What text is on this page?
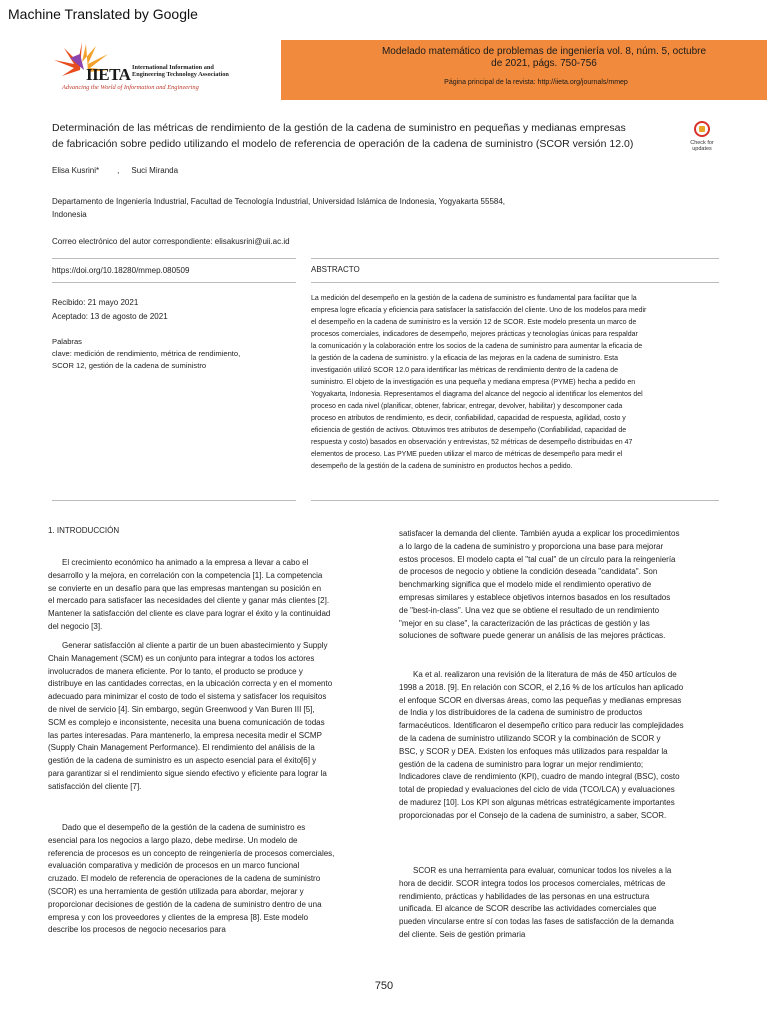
Machine Translated by Google
IIETA International Information and
Engineering Technology Association
Advancing the World of Information and Engineering
Modelado matemático de problemas de ingeniería vol. 8, núm. 5, octubre
de 2021, págs. 750-756
Página principal de la revista: http://iieta.org/journals/mmep
Determinación de las métricas de rendimiento de la gestión de la cadena de suministro en pequeñas y medianas empresas
de fabricación sobre pedido utilizando el modelo de referencia de operación de la cadena de suministro (SCOR versión 12.0)	Check for
updates
Elisa Kusrini* , Suci Miranda
Departamento de Ingeniería Industrial, Facultad de Tecnología Industrial, Universidad Islámica de Indonesia, Yogyakarta 55584,
Indonesia
Correo electrónico del autor correspondiente: elisakusrini@uii.ac.id
https://doi.org/10.18280/mmep.080509	ABSTRACTO
Recibido: 21 mayo 2021
Aceptado: 13 de agosto de 2021
Palabras
clave: medición de rendimiento, métrica de rendimiento,
SCOR 12, gestión de la cadena de suministro
La medición del desempeño en la gestión de la cadena de suministro es fundamental para facilitar que la
empresa logre eficacia y eficiencia para satisfacer la satisfacción del cliente. Uno de los modelos para medir
el desempeño en la cadena de suministro es la versión 12 de SCOR. Este modelo presenta un marco de
procesos comerciales, indicadores de desempeño, mejores prácticas y tecnologías únicas para respaldar
la comunicación y la colaboración entre los socios de la cadena de suministro para aumentar la eficacia de
la gestión de la cadena de suministro. y la eficacia de las mejoras en la cadena de suministro. Esta
investigación utilizó SCOR 12.0 para identificar las métricas de rendimiento dentro de la cadena de
suministro. El objeto de la investigación es una pequeña y mediana empresa (PYME) hecha a pedido en
Yogyakarta, Indonesia. Representamos el diagrama del alcance del negocio al identificar los elementos del
proceso en cada nivel (planificar, obtener, fabricar, entregar, devolver, habilitar) y descomponer cada
proceso en atributos de rendimiento, es decir, confiabilidad, capacidad de respuesta, agilidad, costo y
eficiencia de gestión de activos. Obtuvimos tres atributos de desempeño (Confiabilidad, capacidad de
respuesta y costo) basados en observación y entrevistas, 52 métricas de desempeño distribuidas en 47
elementos de proceso. Las PYME pueden utilizar el marco de métricas de desempeño para medir el
desempeño de la gestión de la cadena de suministro en productos hechos a pedido.
1. INTRODUCCIÓN
El crecimiento económico ha animado a la empresa a llevar a cabo el
desarrollo y la mejora, en correlación con la competencia [1]. La competencia
se convierte en un desafío para que las empresas mantengan su posición en
el mercado para satisfacer las necesidades del cliente y ganar más clientes [2].
Mantener la satisfacción del cliente es clave para lograr el éxito y la continuidad
del negocio [3].
Generar satisfacción al cliente a partir de un buen abastecimiento y Supply
Chain Management (SCM) es un conjunto para integrar a todos los actores
involucrados de manera eficiente. Por lo tanto, el producto se produce y
distribuye en las cantidades correctas, en la ubicación correcta y en el momento
adecuado para minimizar el costo de todo el sistema y satisfacer los requisitos
de nivel de servicio [4]. Sin embargo, según Greenwood y Van Buren III [5],
SCM es complejo e inconsistente, necesita una buena comunicación de todas
las partes interesadas. Para mantenerlo, la empresa necesita medir el SCMP
(Supply Chain Management Performance). El rendimiento del análisis de la
gestión de la cadena de suministro es un aspecto esencial para el éxito[6] y
para garantizar si el rendimiento sigue siendo efectivo y eficiente para lograr la
satisfacción del cliente [7].
Dado que el desempeño de la gestión de la cadena de suministro es
esencial para los negocios a largo plazo, debe medirse. Un modelo de
referencia de procesos es un concepto de reingeniería de procesos comerciales,
evaluación comparativa y medición de procesos en un marco funcional
cruzado. El modelo de referencia de operaciones de la cadena de suministro
(SCOR) es una herramienta de gestión utilizada para abordar, mejorar y
proporcionar decisiones de gestión de la cadena de suministro dentro de una
empresa y con los proveedores y clientes de la empresa [8]. Este modelo
describe los procesos de negocio necesarios para
satisfacer la demanda del cliente. También ayuda a explicar los procedimientos
a lo largo de la cadena de suministro y proporciona una base para mejorar
estos procesos. El modelo capta el "tal cual" de un círculo para la reingeniería
de procesos de negocio y obtiene la condición deseada "candidata". Son
benchmarking significa que el modelo mide el rendimiento operativo de
empresas similares y establece objetivos internos basados en los resultados
de "best-in-class". Una vez que se obtiene el resultado de un rendimiento
"mejor en su clase", la caracterización de las prácticas de gestión y las
soluciones de software puede generar un análisis de las mejores prácticas.
Ka et al. realizaron una revisión de la literatura de más de 450 artículos de
1998 a 2018. [9]. En relación con SCOR, el 2,16 % de los artículos han aplicado
el enfoque SCOR en diversas áreas, como las pequeñas y medianas empresas
de India y los distribuidores de la cadena de suministro de productos
farmacéuticos. Identificaron el desempeño crítico para reducir las complejidades
de la cadena de suministro utilizando SCOR y la combinación de SCOR y
BSC, y SCOR y DEA. Existen los enfoques más utilizados para respaldar la
gestión de la cadena de suministro para lograr un mejor rendimiento;
Indicadores clave de rendimiento (KPI), cuadro de mando integral (BSC), costo
total de propiedad y evaluaciones del ciclo de vida (TCO/LCA) y evaluaciones
de madurez [10]. Los KPI son algunas métricas estratégicamente importantes
proporcionadas por el Consejo de la cadena de suministro, a saber, SCOR.
SCOR es una herramienta para evaluar, comunicar todos los niveles a la
hora de decidir. SCOR integra todos los procesos comerciales, métricas de
rendimiento, prácticas y habilidades de las personas en una estructura
unificada. El alcance de SCOR describe las actividades comerciales que
pueden vincularse entre sí con todas las fases de satisfacción de la demanda
del cliente. Seis de gestión primaria
750
